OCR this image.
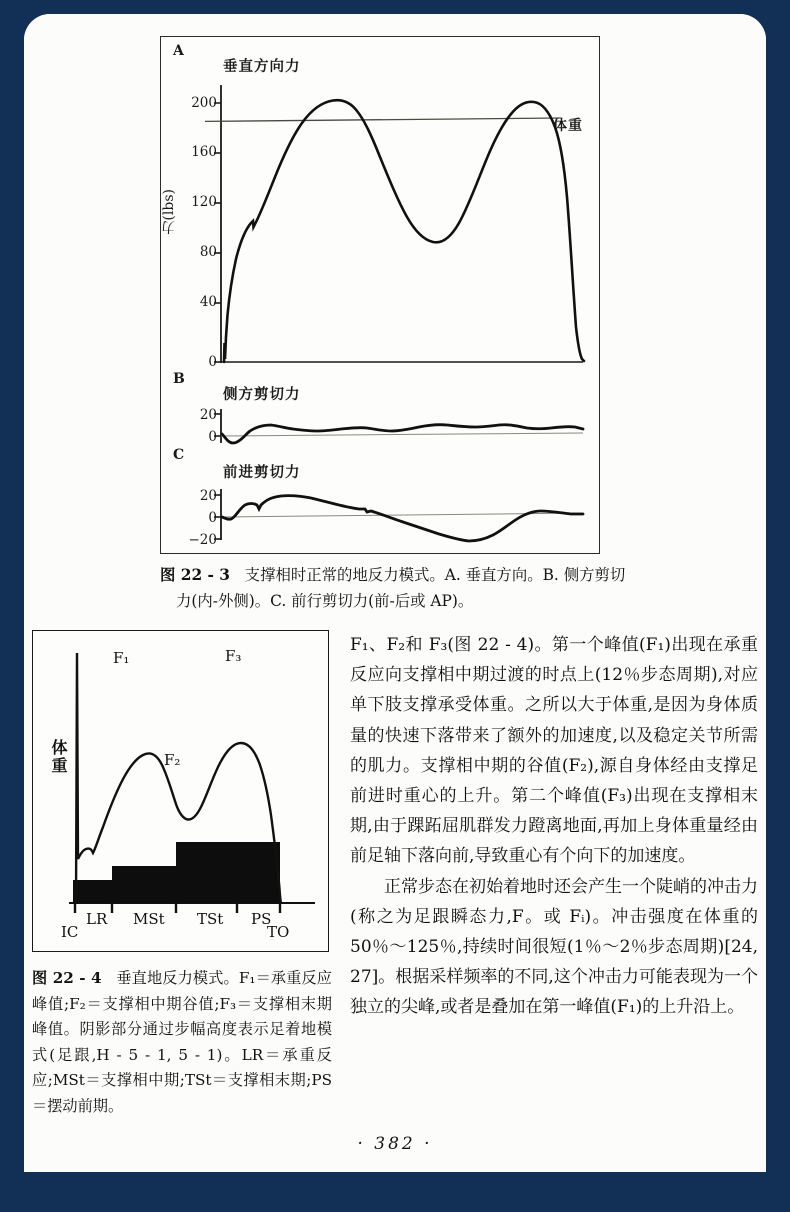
A
垂直方向力
力(lbs)
200
160
120
80
40
0
体重
B
侧方剪切力
20
0
C
前进剪切力
20
0
−20
图 22 - 3 支撑相时正常的地反力模式。A. 垂直方向。B. 侧方剪切
力(内-外侧)。C. 前行剪切力(前-后或 AP)。
体重
F₁
F₂
F₃
IC
LR MSt TSt PS
TO
图 22 - 4 垂直地反力模式。F₁＝承重反应峰值;F₂＝支撑相中期谷值;F₃＝支撑相末期峰值。阴影部分通过步幅高度表示足着地模式(足跟,H - 5 - 1, 5 - 1)。LR＝承重反应;MSt＝支撑相中期;TSt＝支撑相末期;PS＝摆动前期。

F₁、F₂和 F₃(图 22 - 4)。第一个峰值(F₁)出现在承重反应向支撑相中期过渡的时点上(12％步态周期),对应单下肢支撑承受体重。之所以大于体重,是因为身体质量的快速下落带来了额外的加速度,以及稳定关节所需的肌力。支撑相中期的谷值(F₂),源自身体经由支撑足前进时重心的上升。第二个峰值(F₃)出现在支撑相末期,由于踝跖屈肌群发力蹬离地面,再加上身体重量经由前足轴下落向前,导致重心有个向下的加速度。

正常步态在初始着地时还会产生一个陡峭的冲击力(称之为足跟瞬态力,F。或 Fᵢ)。冲击强度在体重的 50％～125％,持续时间很短(1％～2％步态周期)[24, 27]。根据采样频率的不同,这个冲击力可能表现为一个独立的尖峰,或者是叠加在第一峰值(F₁)的上升沿上。

· 382 ·
